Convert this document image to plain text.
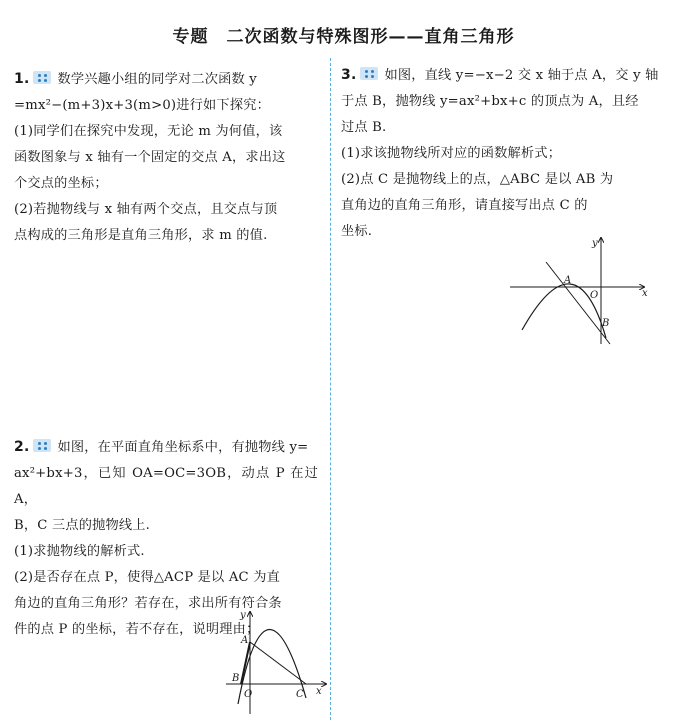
专题　二次函数与特殊图形——直角三角形

1. 数学兴趣小组的同学对二次函数 y

=mx²−(m+3)x+3(m>0)进行如下探究：

(1)同学们在探究中发现，无论 m 为何值，该

函数图象与 x 轴有一个固定的交点 A，求出这

个交点的坐标；

(2)若抛物线与 x 轴有两个交点，且交点与顶

点构成的三角形是直角三角形，求 m 的值.

2. 如图，在平面直角坐标系中，有抛物线 y=

ax²+bx+3，已知 OA=OC=3OB，动点 P 在过 A，

B，C 三点的抛物线上.

(1)求抛物线的解析式.

(2)是否存在点 P，使得△ACP 是以 AC 为直

角边的直角三角形？若存在，求出所有符合条

件的点 P 的坐标，若不存在，说明理由；

y
x
A
B
O	C

3. 如图，直线 y=−x−2 交 x 轴于点 A，交 y 轴

于点 B，抛物线 y=ax²+bx+c 的顶点为 A，且经

过点 B.

(1)求该抛物线所对应的函数解析式；

(2)点 C 是抛物线上的点，△ABC 是以 AB 为

直角边的直角三角形，请直接写出点 C 的

坐标.

y
x
A
O
B
